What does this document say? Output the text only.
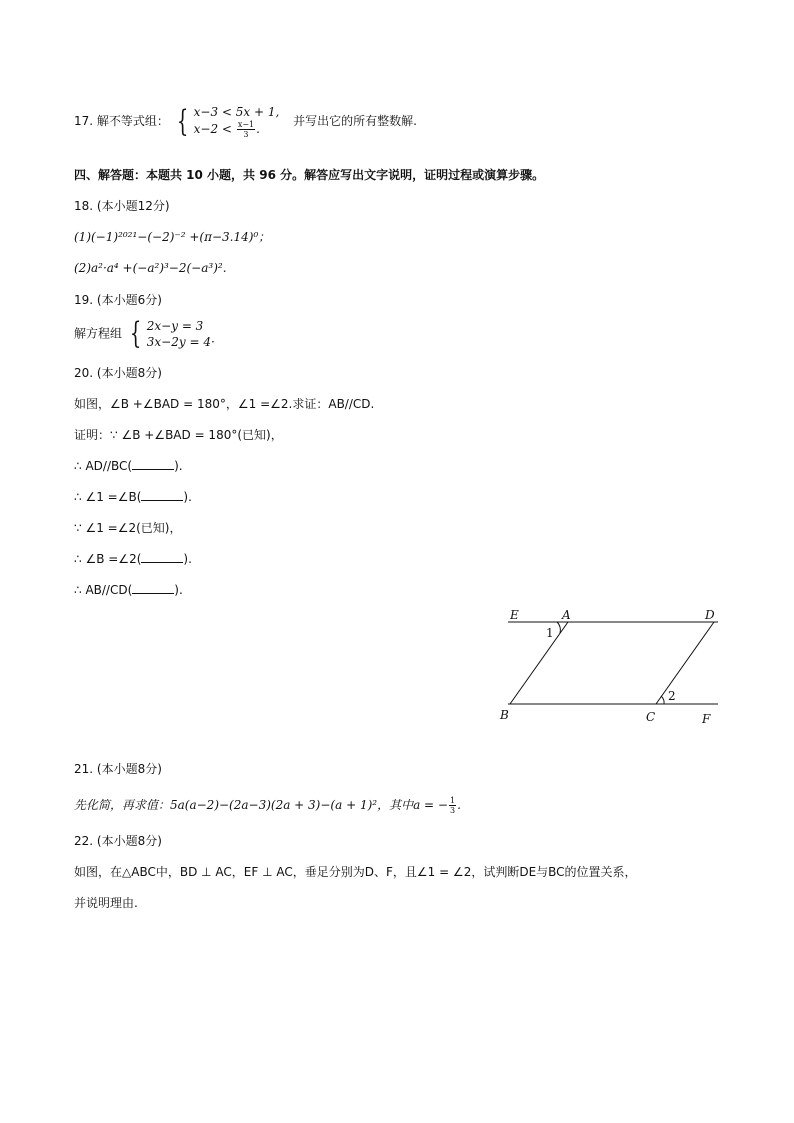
17. 解不等式组： { x−3 < 5x + 1,
$x-2 < \frac{x-1}{3}$ .
并写出它的所有整数解.
四、解答题：本题共 10 小题，共 96 分。解答应写出文字说明，证明过程或演算步骤。
18. (本小题12分)
(1)(−1)²⁰²¹−(−2)⁻² +(π−3.14)⁰；
(2)a²·a⁴ +(−a²)³−2(−a³)².
19. (本小题6分)
解方程组 { 2x−y = 3
3x−2y = 4·
20. (本小题8分)
如图，∠B +∠BAD = 180°，∠1 =∠2.求证：AB//CD.
证明：∵ ∠B +∠BAD = 180°(已知)，
∴ AD//BC(	).
∴ ∠1 =∠B(	).
∵ ∠1 =∠2(已知)，
∴ ∠B =∠2(	).
∴ AB//CD(	).
E	A	D
1
2
B	C	F
21. (本小题8分)
先化简，再求值：5a(a−2)−(2a−3)(2a + 3)−(a + 1)²，其中a = − $\frac{1}{3}$ .
22. (本小题8分)
如图，在△ABC中，BD ⊥ AC，EF ⊥ AC，垂足分别为D、F，且∠1 = ∠2，试判断DE与BC的位置关系，
并说明理由.
